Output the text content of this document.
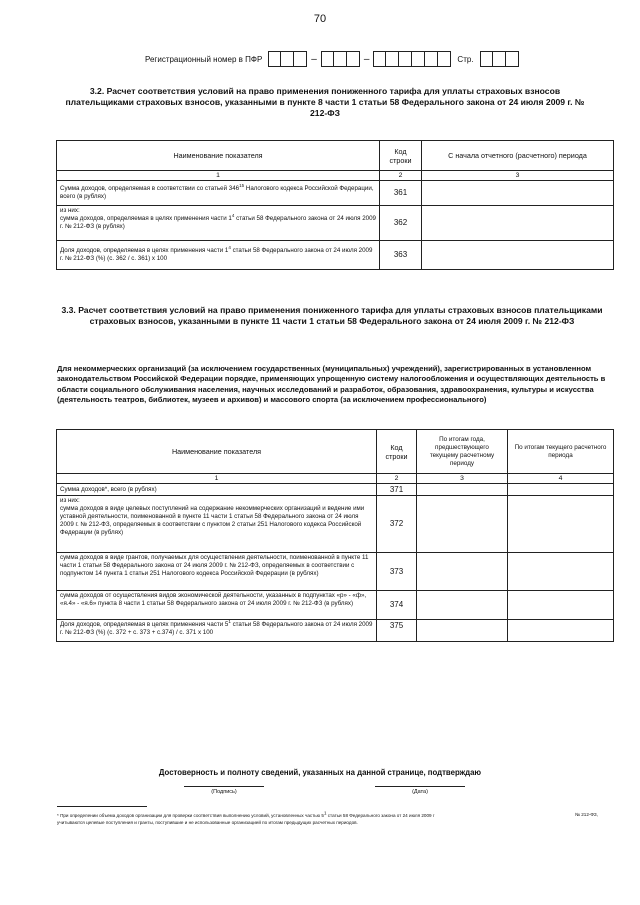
70
Регистрационный номер в ПФР	–	–	Стр.
3.2. Расчет соответствия условий на право применения пониженного тарифа для уплаты страховых взносов плательщиками страховых взносов, указанными в пункте 8 части 1 статьи 58 Федерального закона от 24 июля 2009 г. № 212-ФЗ
Наименование показателя	Код строки	С начала отчетного (расчетного) периода
1	2	3
Сумма доходов, определяемая в соответствии со статьей $346^{15}$ Налогового кодекса Российской Федерации, всего (в рублях)	361	
из них:
сумма доходов, определяемая в целях применения части $1^4$ статьи 58 Федерального закона от 24 июля 2009 г. № 212-ФЗ (в рублях)	362	
Доля доходов, определяемая в целях применения части $1^4$ статьи 58 Федерального закона от 24 июля 2009 г. № 212-ФЗ (%) (с. 362 / с. 361) х 100	363	
3.3. Расчет соответствия условий на право применения пониженного тарифа для уплаты страховых взносов плательщиками страховых взносов, указанными в пункте 11 части 1 статьи 58 Федерального закона от 24 июля 2009 г. № 212-ФЗ
Для некоммерческих организаций (за исключением государственных (муниципальных) учреждений), зарегистрированных в установленном законодательством Российской Федерации порядке, применяющих упрощенную систему налогообложения и осуществляющих деятельность в области социального обслуживания населения, научных исследований и разработок, образования, здравоохранения, культуры и искусства (деятельность театров, библиотек, музеев и архивов) и массового спорта (за исключением профессионального)
Наименование показателя	Код строки	По итогам года, предшествующего текущему расчетному периоду	По итогам текущего расчетного периода
1	2	3	4
Сумма доходов*, всего (в рублях)	371		
из них:
сумма доходов в виде целевых поступлений на содержание некоммерческих организаций и ведение ими уставной деятельности, поименованной в пункте 11 части 1 статьи 58 Федерального закона от 24 июля 2009 г. № 212-ФЗ, определяемых в соответствии с пунктом 2 статьи 251 Налогового кодекса Российской Федерации (в рублях)	372		
сумма доходов в виде грантов, получаемых для осуществления деятельности, поименованной в пункте 11 части 1 статьи 58 Федерального закона от 24 июля 2009 г. № 212-ФЗ, определяемых в соответствии с подпунктом 14 пункта 1 статьи 251 Налогового кодекса Российской Федерации (в рублях)	373		
сумма доходов от осуществления видов экономической деятельности, указанных в подпунктах «р» - «ф», «я.4» - «я.6» пункта 8 части 1 статьи 58 Федерального закона от 24 июля 2009 г. № 212-ФЗ (в рублях)	374		
Доля доходов, определяемая в целях применения части $5^1$ статьи 58 Федерального закона от 24 июля 2009 г. № 212-ФЗ (%) (с. 372 + с. 373 + с.374) / с. 371 х 100	375		
Достоверность и полноту сведений, указанных на данной странице, подтверждаю
(Подпись)	(Дата)
* При определении объема доходов организации для проверки соответствия выполнению условий, установленных частью $5^1$ статьи 58 Федерального закона от 24 июля 2009 г
учитываются целевые поступления и гранты, поступившие и не использованные организацией по итогам предыдущих расчетных периодов.
№ 212-ФЗ,
